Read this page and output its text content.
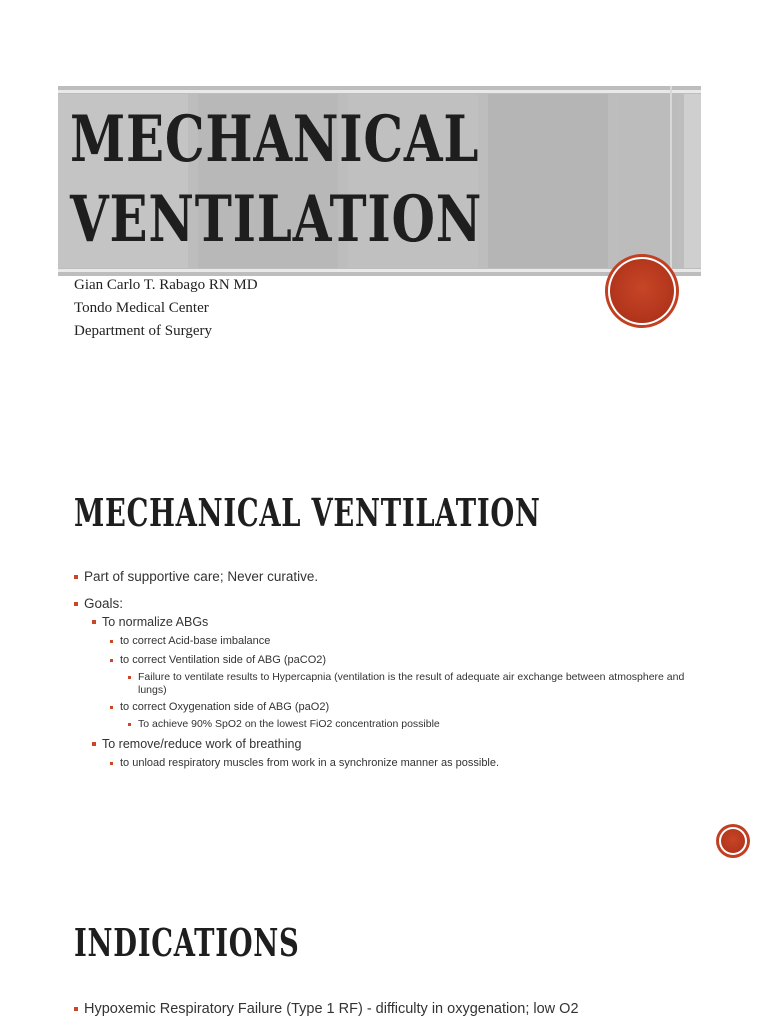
MECHANICAL
VENTILATION
Gian Carlo T. Rabago RN MD
Tondo Medical Center
Department of Surgery
MECHANICAL VENTILATION
Part of supportive care; Never curative.
Goals:
To normalize ABGs
to correct Acid-base imbalance
to correct Ventilation side of ABG (paCO2)
Failure to ventilate results to Hypercapnia (ventilation is the result of adequate air exchange between atmosphere and lungs)
to correct Oxygenation side of ABG (paO2)
To achieve 90% SpO2 on the lowest FiO2 concentration possible
To remove/reduce work of breathing
to unload respiratory muscles from work in a synchronize manner as possible.
INDICATIONS
Hypoxemic Respiratory Failure (Type 1 RF) - difficulty in oxygenation; low O2
